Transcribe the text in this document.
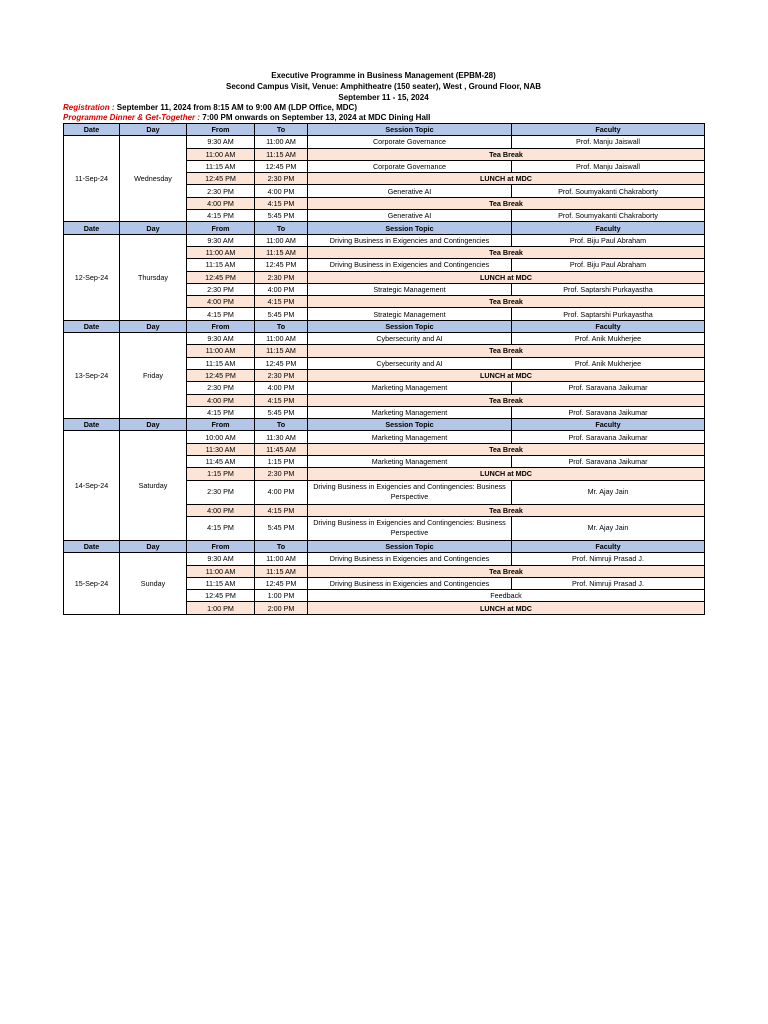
Executive Programme in Business Management (EPBM-28)
Second Campus Visit, Venue: Amphitheatre (150 seater), West , Ground Floor, NAB
September 11 - 15, 2024
Registration : September 11, 2024 from 8:15 AM to 9:00 AM (LDP Office, MDC)
Programme Dinner & Get-Together : 7:00 PM onwards on September 13, 2024 at MDC Dining Hall
Date	Day	From	To	Session Topic	Faculty
11-Sep-24	Wednesday	9:30 AM	11:00 AM	Corporate Governance	Prof. Manju Jaiswall
		11:00 AM	11:15 AM	Tea Break	
		11:15 AM	12:45 PM	Corporate Governance	Prof. Manju Jaiswall
		12:45 PM	2:30 PM	LUNCH at MDC	
		2:30 PM	4:00 PM	Generative AI	Prof. Soumyakanti Chakraborty
		4:00 PM	4:15 PM	Tea Break	
		4:15 PM	5:45 PM	Generative AI	Prof. Soumyakanti Chakraborty
Date	Day	From	To	Session Topic	Faculty
12-Sep-24	Thursday	9:30 AM	11:00 AM	Driving Business in Exigencies and Contingencies	Prof. Biju Paul Abraham
		11:00 AM	11:15 AM	Tea Break	
		11:15 AM	12:45 PM	Driving Business in Exigencies and Contingencies	Prof. Biju Paul Abraham
		12:45 PM	2:30 PM	LUNCH at MDC	
		2:30 PM	4:00 PM	Strategic Management	Prof. Saptarshi Purkayastha
		4:00 PM	4:15 PM	Tea Break	
		4:15 PM	5:45 PM	Strategic Management	Prof. Saptarshi Purkayastha
Date	Day	From	To	Session Topic	Faculty
13-Sep-24	Friday	9:30 AM	11:00 AM	Cybersecurity and AI	Prof. Anik Mukherjee
		11:00 AM	11:15 AM	Tea Break	
		11:15 AM	12:45 PM	Cybersecurity and AI	Prof. Anik Mukherjee
		12:45 PM	2:30 PM	LUNCH at MDC	
		2:30 PM	4:00 PM	Marketing Management	Prof. Saravana Jaikumar
		4:00 PM	4:15 PM	Tea Break	
		4:15 PM	5:45 PM	Marketing Management	Prof. Saravana Jaikumar
Date	Day	From	To	Session Topic	Faculty
14-Sep-24	Saturday	10:00 AM	11:30 AM	Marketing Management	Prof. Saravana Jaikumar
		11:30 AM	11:45 AM	Tea Break	
		11:45 AM	1:15 PM	Marketing Management	Prof. Saravana Jaikumar
		1:15 PM	2:30 PM	LUNCH at MDC	
		2:30 PM	4:00 PM	Driving Business in Exigencies and Contingencies: Business Perspective	Mr. Ajay Jain
		4:00 PM	4:15 PM	Tea Break	
		4:15 PM	5:45 PM	Driving Business in Exigencies and Contingencies: Business Perspective	Mr. Ajay Jain
Date	Day	From	To	Session Topic	Faculty
15-Sep-24	Sunday	9:30 AM	11:00 AM	Driving Business in Exigencies and Contingencies	Prof. Nimruji Prasad J.
		11:00 AM	11:15 AM	Tea Break	
		11:15 AM	12:45 PM	Driving Business in Exigencies and Contingencies	Prof. Nimruji Prasad J.
		12:45 PM	1:00 PM	Feedback	
		1:00 PM	2:00 PM	LUNCH at MDC	
